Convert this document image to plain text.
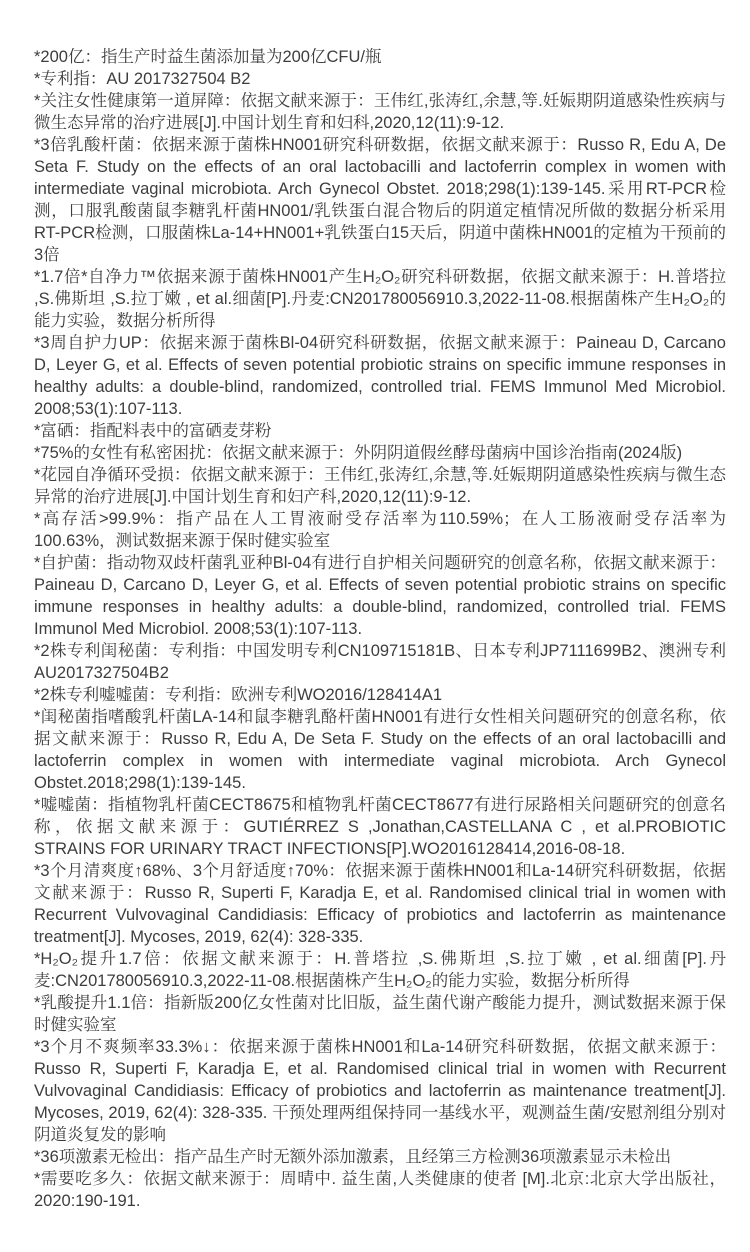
*200亿：指生产时益生菌添加量为200亿CFU/瓶

*专利指：AU 2017327504 B2

*关注女性健康第一道屏障：依据文献来源于：王伟红,张涛红,余慧,等.妊娠期阴道感染性疾病与微生态异常的治疗进展[J].中国计划生育和妇科,2020,12(11):9-12.

*3倍乳酸杆菌：依据来源于菌株HN001研究科研数据，依据文献来源于：Russo R, Edu A, De Seta F. Study on the effects of an oral lactobacilli and lactoferrin complex in women with intermediate vaginal microbiota. Arch Gynecol Obstet. 2018;298(1):139-145.采用RT-PCR检测，口服乳酸菌鼠李糖乳杆菌HN001/乳铁蛋白混合物后的阴道定植情况所做的数据分析采用RT-PCR检测，口服菌株La-14+HN001+乳铁蛋白15天后，阴道中菌株HN001的定植为干预前的3倍

*1.7倍*自净力™依据来源于菌株HN001产生H₂O₂研究科研数据，依据文献来源于：H.普塔拉 ,S.佛斯坦 ,S.拉丁嫩 , et al.细菌[P].丹麦:CN201780056910.3,2022-11-08.根据菌株产生H₂O₂的能力实验，数据分析所得

*3周自护力UP：依据来源于菌株Bl-04研究科研数据，依据文献来源于：Paineau D, Carcano D, Leyer G, et al. Effects of seven potential probiotic strains on specific immune responses in healthy adults: a double-blind, randomized, controlled trial. FEMS Immunol Med Microbiol. 2008;53(1):107-113.

*富硒：指配料表中的富硒麦芽粉

*75%的女性有私密困扰：依据文献来源于：外阴阴道假丝酵母菌病中国诊治指南(2024版)

*花园自净循环受损：依据文献来源于：王伟红,张涛红,余慧,等.妊娠期阴道感染性疾病与微生态异常的治疗进展[J].中国计划生育和妇产科,2020,12(11):9-12.

*高存活>99.9%：指产品在人工胃液耐受存活率为110.59%；在人工肠液耐受存活率为100.63%，测试数据来源于保时健实验室

*自护菌：指动物双歧杆菌乳亚种Bl-04有进行自护相关问题研究的创意名称，依据文献来源于：Paineau D, Carcano D, Leyer G, et al. Effects of seven potential probiotic strains on specific immune responses in healthy adults: a double-blind, randomized, controlled trial. FEMS Immunol Med Microbiol. 2008;53(1):107-113.

*2株专利闺秘菌：专利指：中国发明专利CN109715181B、日本专利JP7111699B2、澳洲专利AU2017327504B2

*2株专利嘘嘘菌：专利指：欧洲专利WO2016/128414A1

*闺秘菌指嗜酸乳杆菌LA-14和鼠李糖乳酪杆菌HN001有进行女性相关问题研究的创意名称，依据文献来源于：Russo R, Edu A, De Seta F. Study on the effects of an oral lactobacilli and lactoferrin complex in women with intermediate vaginal microbiota. Arch Gynecol Obstet.2018;298(1):139-145.

*嘘嘘菌：指植物乳杆菌CECT8675和植物乳杆菌CECT8677有进行尿路相关问题研究的创意名称，依据文献来源于：GUTIÉRREZ S ,Jonathan,CASTELLANA C , et al.PROBIOTIC STRAINS FOR URINARY TRACT INFECTIONS[P].WO2016128414,2016-08-18.

*3个月清爽度↑68%、3个月舒适度↑70%：依据来源于菌株HN001和La-14研究科研数据，依据文献来源于：Russo R, Superti F, Karadja E, et al. Randomised clinical trial in women with Recurrent Vulvovaginal Candidiasis: Efficacy of probiotics and lactoferrin as maintenance treatment[J]. Mycoses, 2019, 62(4): 328-335.

*H₂O₂提升1.7倍：依据文献来源于：H.普塔拉 ,S.佛斯坦 ,S.拉丁嫩 , et al.细菌[P].丹麦:CN201780056910.3,2022-11-08.根据菌株产生H₂O₂的能力实验，数据分析所得

*乳酸提升1.1倍：指新版200亿女性菌对比旧版，益生菌代谢产酸能力提升，测试数据来源于保时健实验室

*3个月不爽频率33.3%↓：依据来源于菌株HN001和La-14研究科研数据，依据文献来源于：Russo R, Superti F, Karadja E, et al. Randomised clinical trial in women with Recurrent Vulvovaginal Candidiasis: Efficacy of probiotics and lactoferrin as maintenance treatment[J]. Mycoses, 2019, 62(4): 328-335. 干预处理两组保持同一基线水平，观测益生菌/安慰剂组分别对阴道炎复发的影响

*36项激素无检出：指产品生产时无额外添加激素，且经第三方检测36项激素显示未检出

*需要吃多久：依据文献来源于：周晴中. 益生菌,人类健康的使者 [M].北京:北京大学出版社，2020:190-191.
